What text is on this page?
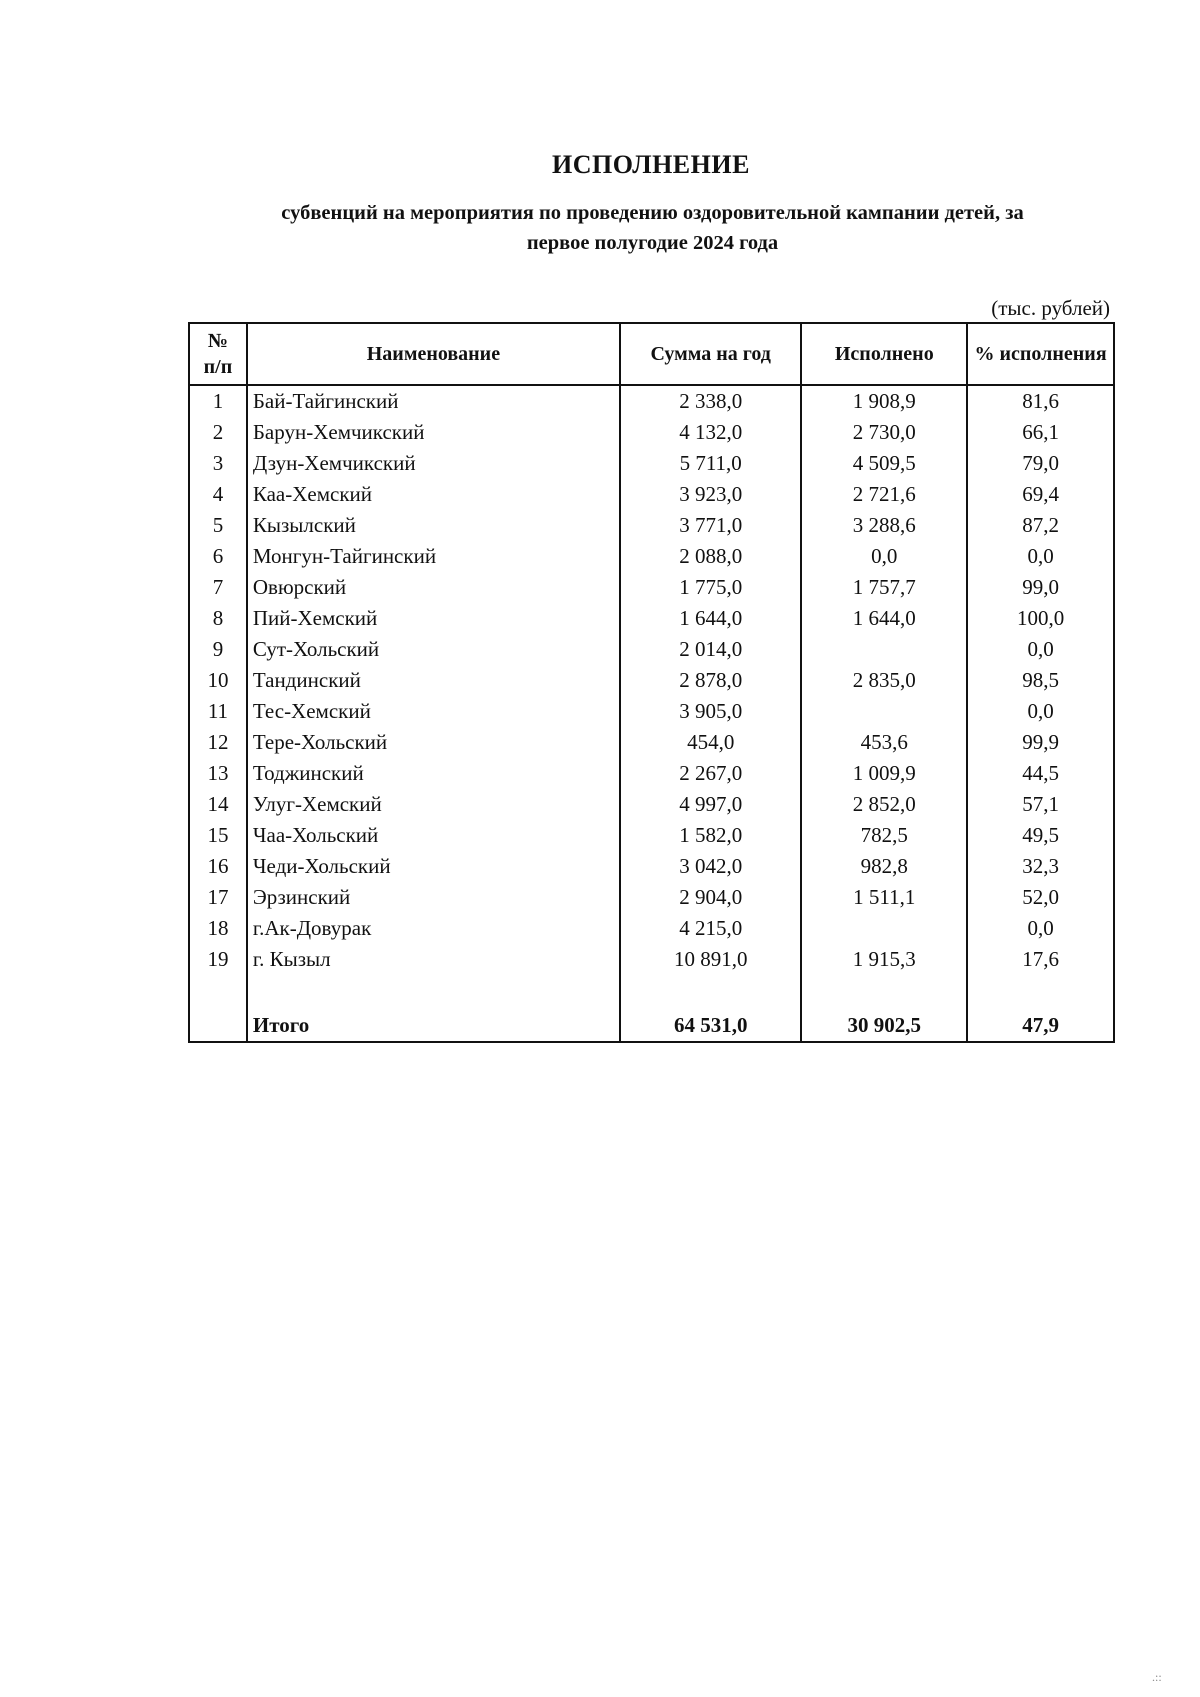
ИСПОЛНЕНИЕ
субвенций на мероприятия по проведению оздоровительной кампании детей, за
первое полугодие 2024 года
(тыс. рублей)
№
п/п	Наименование	Сумма на год	Исполнено	% исполнения
1	Бай-Тайгинский	2 338,0	1 908,9	81,6
2	Барун-Хемчикский	4 132,0	2 730,0	66,1
3	Дзун-Хемчикский	5 711,0	4 509,5	79,0
4	Каа-Хемский	3 923,0	2 721,6	69,4
5	Кызылский	3 771,0	3 288,6	87,2
6	Монгун-Тайгинский	2 088,0	0,0	0,0
7	Овюрский	1 775,0	1 757,7	99,0
8	Пий-Хемский	1 644,0	1 644,0	100,0
9	Сут-Хольский	2 014,0		0,0
10	Тандинский	2 878,0	2 835,0	98,5
11	Тес-Хемский	3 905,0		0,0
12	Тере-Хольский	454,0	453,6	99,9
13	Тоджинский	2 267,0	1 009,9	44,5
14	Улуг-Хемский	4 997,0	2 852,0	57,1
15	Чаа-Хольский	1 582,0	782,5	49,5
16	Чеди-Хольский	3 042,0	982,8	32,3
17	Эрзинский	2 904,0	1 511,1	52,0
18	г.Ак-Довурак	4 215,0		0,0
19	г. Кызыл	10 891,0	1 915,3	17,6

	Итого	64 531,0	30 902,5	47,9
.::
